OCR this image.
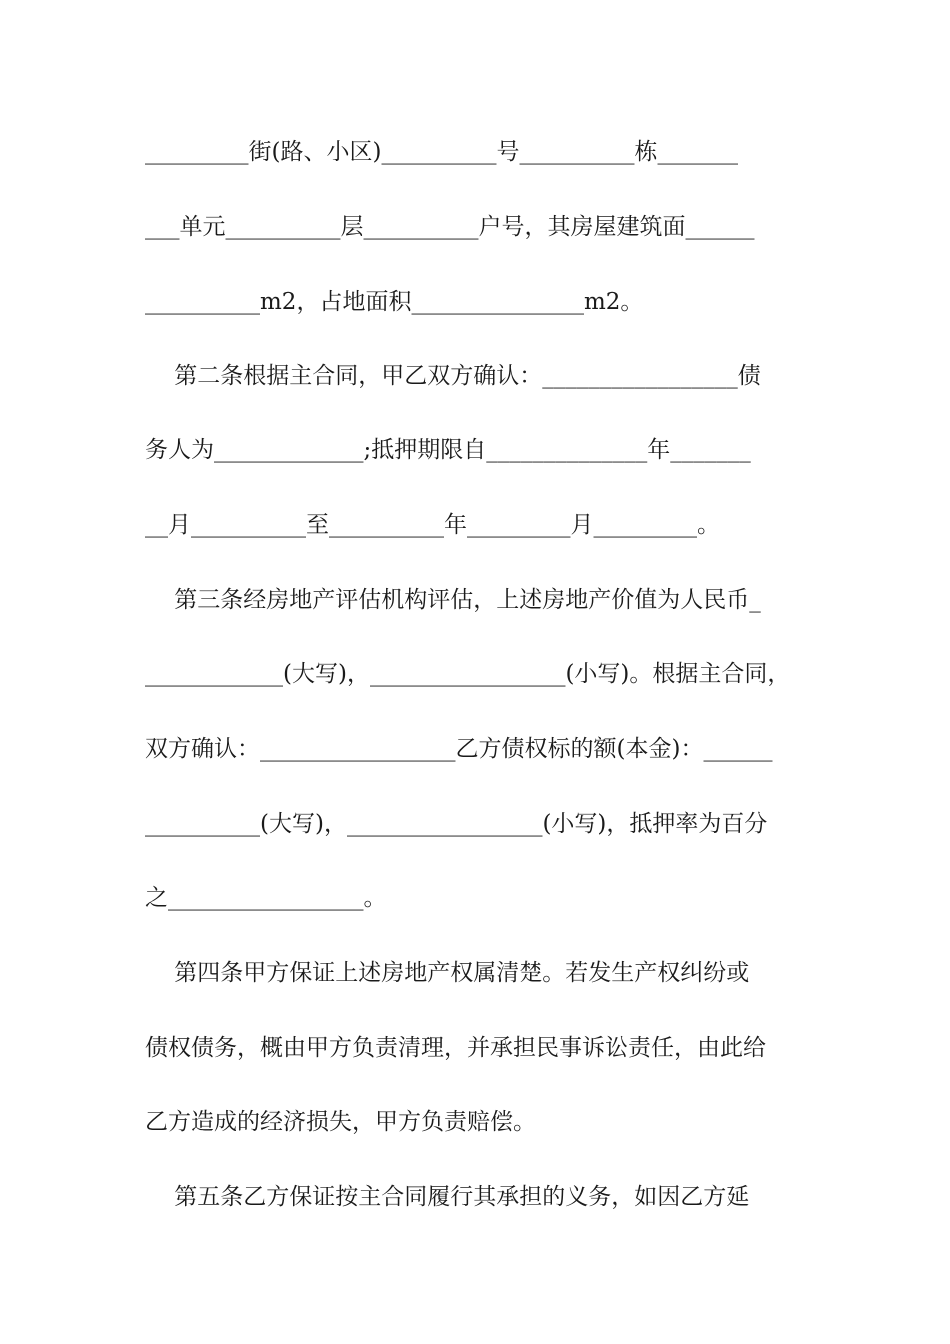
_________街(路、小区)__________号__________栋_______
___单元__________层__________户号，其房屋建筑面______
__________m2，占地面积_______________m2。
第二条根据主合同，甲乙双方确认：_________________债
务人为_____________;抵押期限自______________年_______
__月__________至__________年_________月_________。
第三条经房地产评估机构评估，上述房地产价值为人民币_
____________(大写)，_________________(小写)。根据主合同，
双方确认：_________________乙方债权标的额(本金)：______
__________(大写)，_________________(小写)，抵押率为百分
之_________________。
第四条甲方保证上述房地产权属清楚。若发生产权纠纷或
债权债务，概由甲方负责清理，并承担民事诉讼责任，由此给
乙方造成的经济损失，甲方负责赔偿。
第五条乙方保证按主合同履行其承担的义务，如因乙方延
